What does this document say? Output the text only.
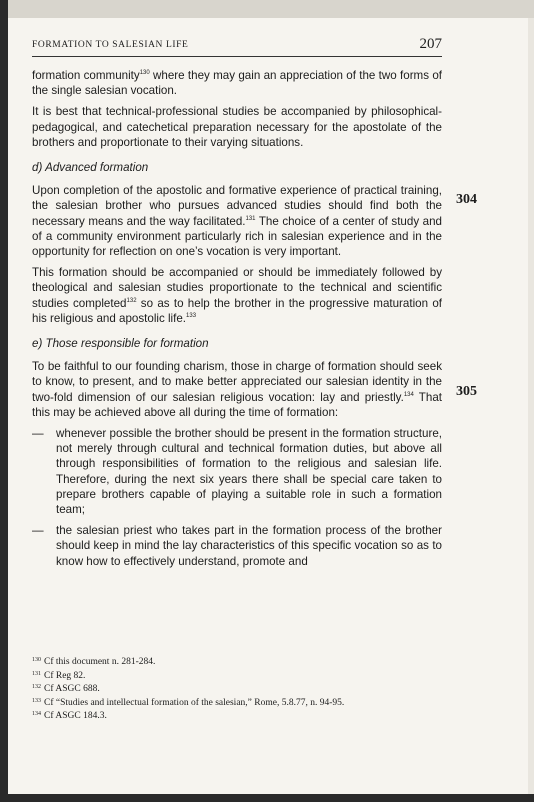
FORMATION TO SALESIAN LIFE	207

formation community$^{130}$ where they may gain an appreciation of the two forms of the single salesian vocation.

It is best that technical-professional studies be accompanied by philosophical-pedagogical, and catechetical preparation necessary for the apostolate of the brothers and proportionate to their varying situations.

d) Advanced formation

Upon completion of the apostolic and formative experience of practical training, the salesian brother who pursues advanced studies should find both the necessary means and the way facilitated.$^{131}$ The choice of a center of study and of a community environment particularly rich in salesian experience and in the opportunity for reflection on one’s vocation is very important.

This formation should be accompanied or should be immediately followed by theological and salesian studies proportionate to the technical and scientific studies completed$^{132}$ so as to help the brother in the progressive maturation of his religious and apostolic life.$^{133}$

e) Those responsible for formation

To be faithful to our founding charism, those in charge of formation should seek to know, to present, and to make better appreciated our salesian identity in the two-fold dimension of our salesian religious vocation: lay and priestly.$^{134}$ That this may be achieved above all during the time of formation:

— whenever possible the brother should be present in the formation structure, not merely through cultural and technical formation duties, but above all through responsibilities of formation to the religious and salesian life. Therefore, during the next six years there shall be special care taken to prepare brothers capable of playing a suitable role in such a formation team;

— the salesian priest who takes part in the formation process of the brother should keep in mind the lay characteristics of this specific vocation so as to know how to effectively understand, promote and

304
305
$^{130}$ Cf this document n. 281-284.
$^{131}$ Cf Reg 82.
$^{132}$ Cf ASGC 688.
$^{133}$ Cf “Studies and intellectual formation of the salesian,” Rome, 5.8.77, n. 94-95.
$^{134}$ Cf ASGC 184.3.
